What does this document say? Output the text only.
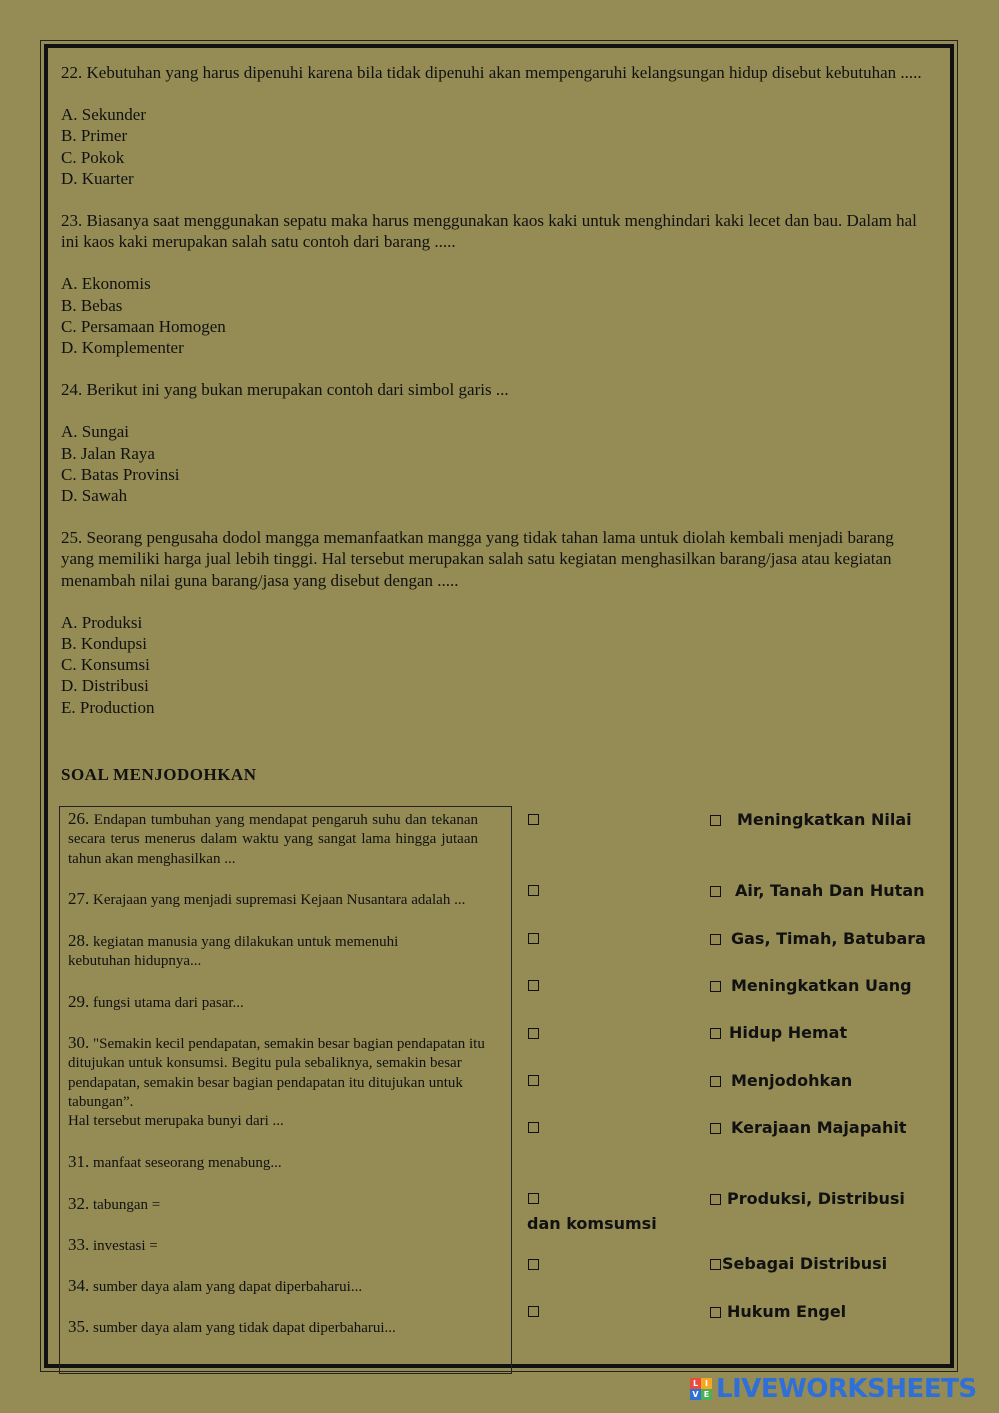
22. Kebutuhan yang harus dipenuhi karena bila tidak dipenuhi akan mempengaruhi kelangsungan hidup disebut kebutuhan .....
A. Sekunder
B. Primer
C. Pokok
D. Kuarter
23. Biasanya saat menggunakan sepatu maka harus menggunakan kaos kaki untuk menghindari kaki lecet dan bau. Dalam hal ini kaos kaki merupakan salah satu contoh dari barang .....
A. Ekonomis
B. Bebas
C. Persamaan Homogen
D. Komplementer
24. Berikut ini yang bukan merupakan contoh dari simbol garis ...
A. Sungai
B. Jalan Raya
C. Batas Provinsi
D. Sawah
25. Seorang pengusaha dodol mangga memanfaatkan mangga yang tidak tahan lama untuk diolah kembali menjadi barang yang memiliki harga jual lebih tinggi. Hal tersebut merupakan salah satu kegiatan menghasilkan barang/jasa atau kegiatan menambah nilai guna barang/jasa yang disebut dengan .....
A. Produksi
B. Kondupsi
C. Konsumsi
D. Distribusi
E. Production
SOAL MENJODOHKAN
26. Endapan tumbuhan yang mendapat pengaruh suhu dan tekanan secara terus menerus dalam waktu yang sangat lama hingga jutaan tahun akan menghasilkan ...
27. Kerajaan yang menjadi supremasi Kejaan Nusantara adalah ...
28. kegiatan manusia yang dilakukan untuk memenuhi kebutuhan hidupnya...
29. fungsi utama dari pasar...
30. "Semakin kecil pendapatan, semakin besar bagian pendapatan itu ditujukan untuk konsumsi. Begitu pula sebaliknya, semakin besar pendapatan, semakin besar bagian pendapatan itu ditujukan untuk tabungan”.
Hal tersebut merupaka bunyi dari ...
31. manfaat seseorang menabung...
32. tabungan =
33. investasi =
34. sumber daya alam yang dapat diperbaharui...
35. sumber daya alam yang tidak dapat diperbaharui...
Meningkatkan Nilai
Air, Tanah Dan Hutan
Gas, Timah, Batubara
Meningkatkan Uang
Hidup Hemat
Menjodohkan
Kerajaan Majapahit
Produksi, Distribusi
dan komsumsi
Sebagai Distribusi
Hukum Engel
L I
V E LIVEWORKSHEETS
